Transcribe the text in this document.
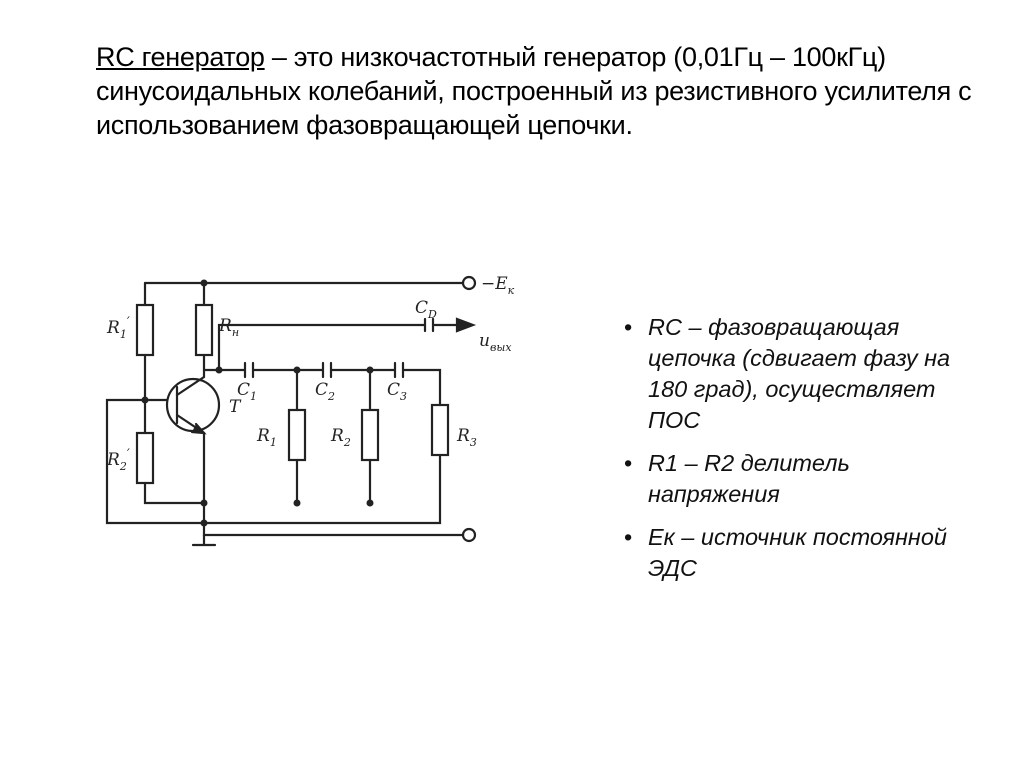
RC генератор – это низкочастотный генератор (0,01Гц – 100кГц) синусоидальных колебаний, построенный из резистивного усилителя с использованием фазовращающей цепочки.
$-E_к$
$R_1'$	$R_н$
T
$R_2'$
$C_D$
$u_{вых}$
$C_1$	$C_2$	$C_3$
$R_1$	$R_2$	$R_3$
• RC – фазовращающая цепочка (сдвигает фазу на 180 град), осуществляет ПОС
• R1 – R2 делитель напряжения
• Ек – источник постоянной ЭДС
